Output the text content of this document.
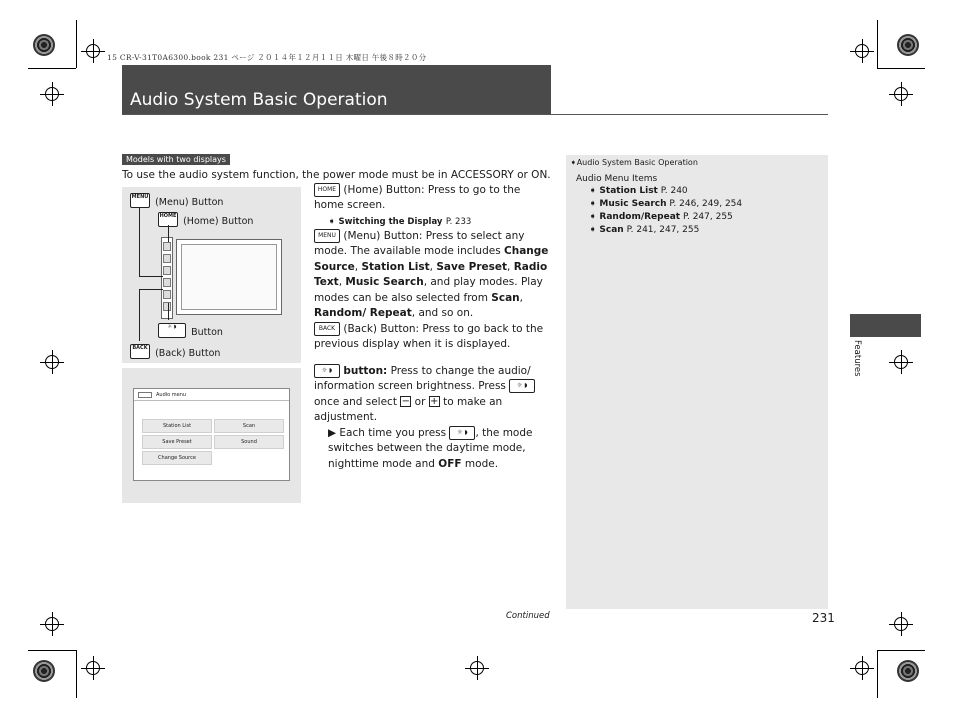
15 CR-V-31T0A6300.book 231 ページ ２０１４年１２月１１日 木曜日 午後８時２０分
Audio System Basic Operation
Models with two displays
To use the audio system function, the power mode must be in ACCESSORY or ON.
MENU (Menu) Button
HOME (Home) Button
☼ ◗ Button
BACK (Back) Button
Audio menu
Station List	Scan
Save Preset	Sound
Change Source
HOME (Home) Button: Press to go to the home screen.
➧ Switching the Display P. 233
MENU (Menu) Button: Press to select any mode. The available mode includes Change Source, Station List, Save Preset, Radio Text, Music Search, and play modes. Play modes can be also selected from Scan, Random/ Repeat, and so on.
BACK (Back) Button: Press to go back to the previous display when it is displayed.
☼ ◗ button: Press to change the audio/ information screen brightness. Press ☼ ◗ once and select − or + to make an adjustment.
▶ Each time you press ☼ ◗ , the mode switches between the daytime mode, nighttime mode and OFF mode.
➧Audio System Basic Operation
Audio Menu Items
➧ Station List P. 240
➧ Music Search P. 246, 249, 254
➧ Random/Repeat P. 247, 255
➧ Scan P. 241, 247, 255
Features
Continued	231
